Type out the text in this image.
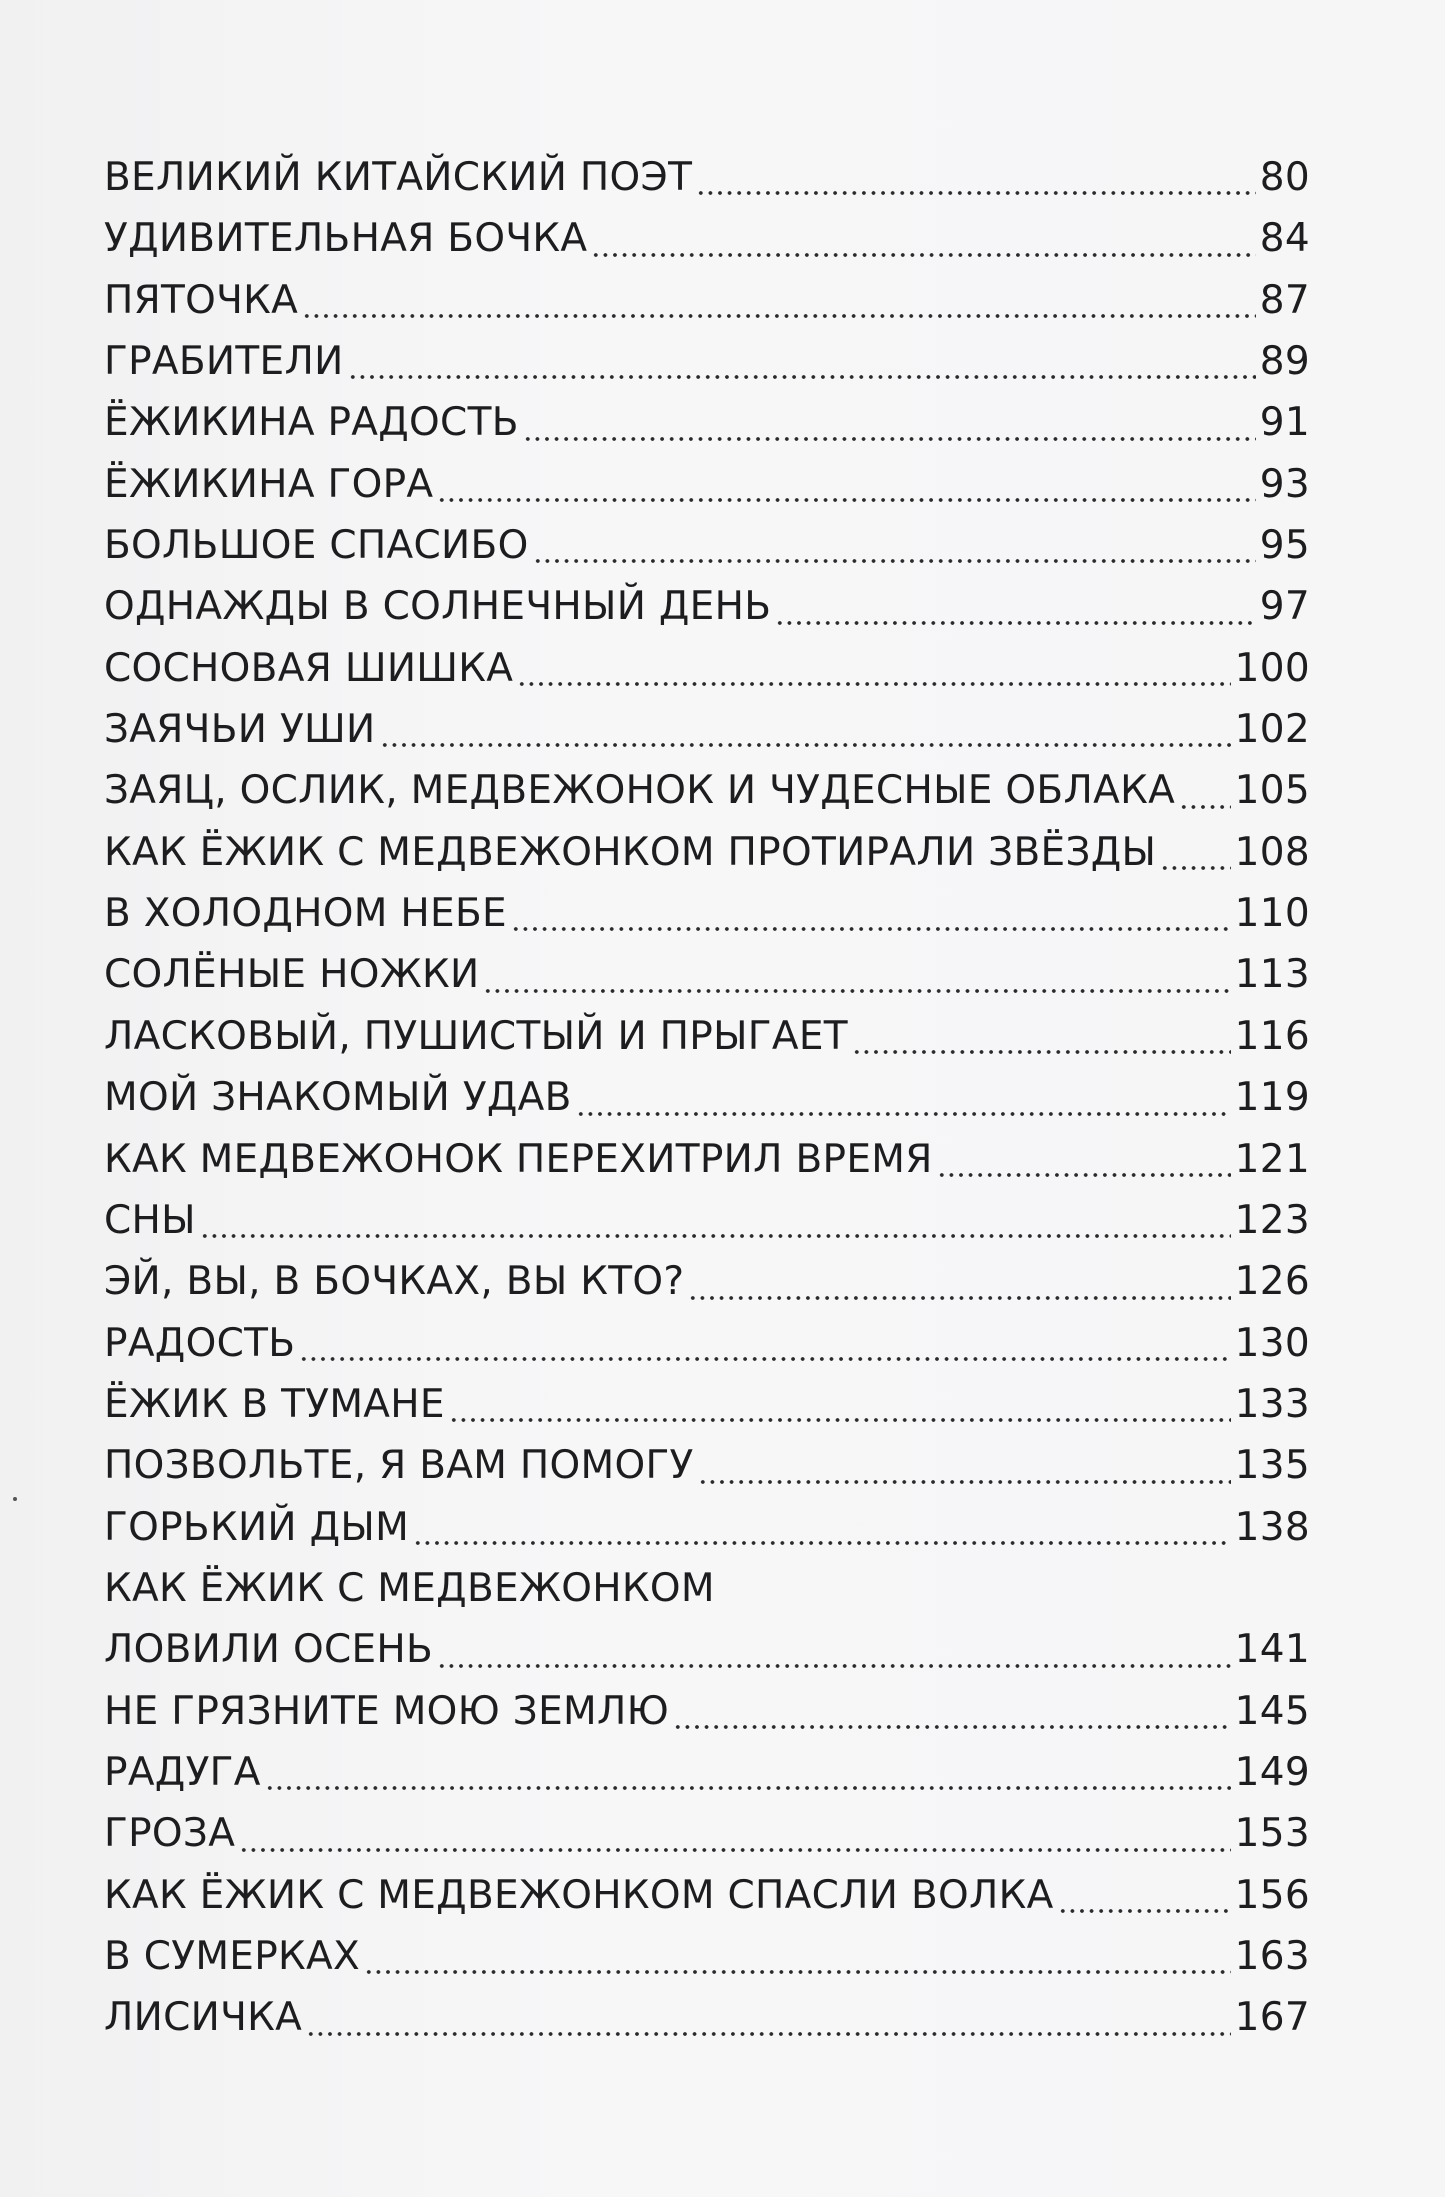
ВЕЛИКИЙ КИТАЙСКИЙ ПОЭТ	80
УДИВИТЕЛЬНАЯ БОЧКА	84
ПЯТОЧКА	87
ГРАБИТЕЛИ	89
ЁЖИКИНА РАДОСТЬ	91
ЁЖИКИНА ГОРА	93
БОЛЬШОЕ СПАСИБО	95
ОДНАЖДЫ В СОЛНЕЧНЫЙ ДЕНЬ	97
СОСНОВАЯ ШИШКА	100
ЗАЯЧЬИ УШИ	102
ЗАЯЦ, ОСЛИК, МЕДВЕЖОНОК И ЧУДЕСНЫЕ ОБЛАКА 105
КАК ЁЖИК С МЕДВЕЖОНКОМ ПРОТИРАЛИ ЗВЁЗДЫ 108
В ХОЛОДНОМ НЕБЕ	110
СОЛЁНЫЕ НОЖКИ	113
ЛАСКОВЫЙ, ПУШИСТЫЙ И ПРЫГАЕТ	116
МОЙ ЗНАКОМЫЙ УДАВ	119
КАК МЕДВЕЖОНОК ПЕРЕХИТРИЛ ВРЕМЯ	121
СНЫ	123
ЭЙ, ВЫ, В БОЧКАХ, ВЫ КТО?	126
РАДОСТЬ	130
ЁЖИК В ТУМАНЕ	133
ПОЗВОЛЬТЕ, Я ВАМ ПОМОГУ	135
ГОРЬКИЙ ДЫМ	138
КАК ЁЖИК С МЕДВЕЖОНКОМ
ЛОВИЛИ ОСЕНЬ	141
НЕ ГРЯЗНИТЕ МОЮ ЗЕМЛЮ	145
РАДУГА	149
ГРОЗА	153
КАК ЁЖИК С МЕДВЕЖОНКОМ СПАСЛИ ВОЛКА	156
В СУМЕРКАХ	163
ЛИСИЧКА	167
